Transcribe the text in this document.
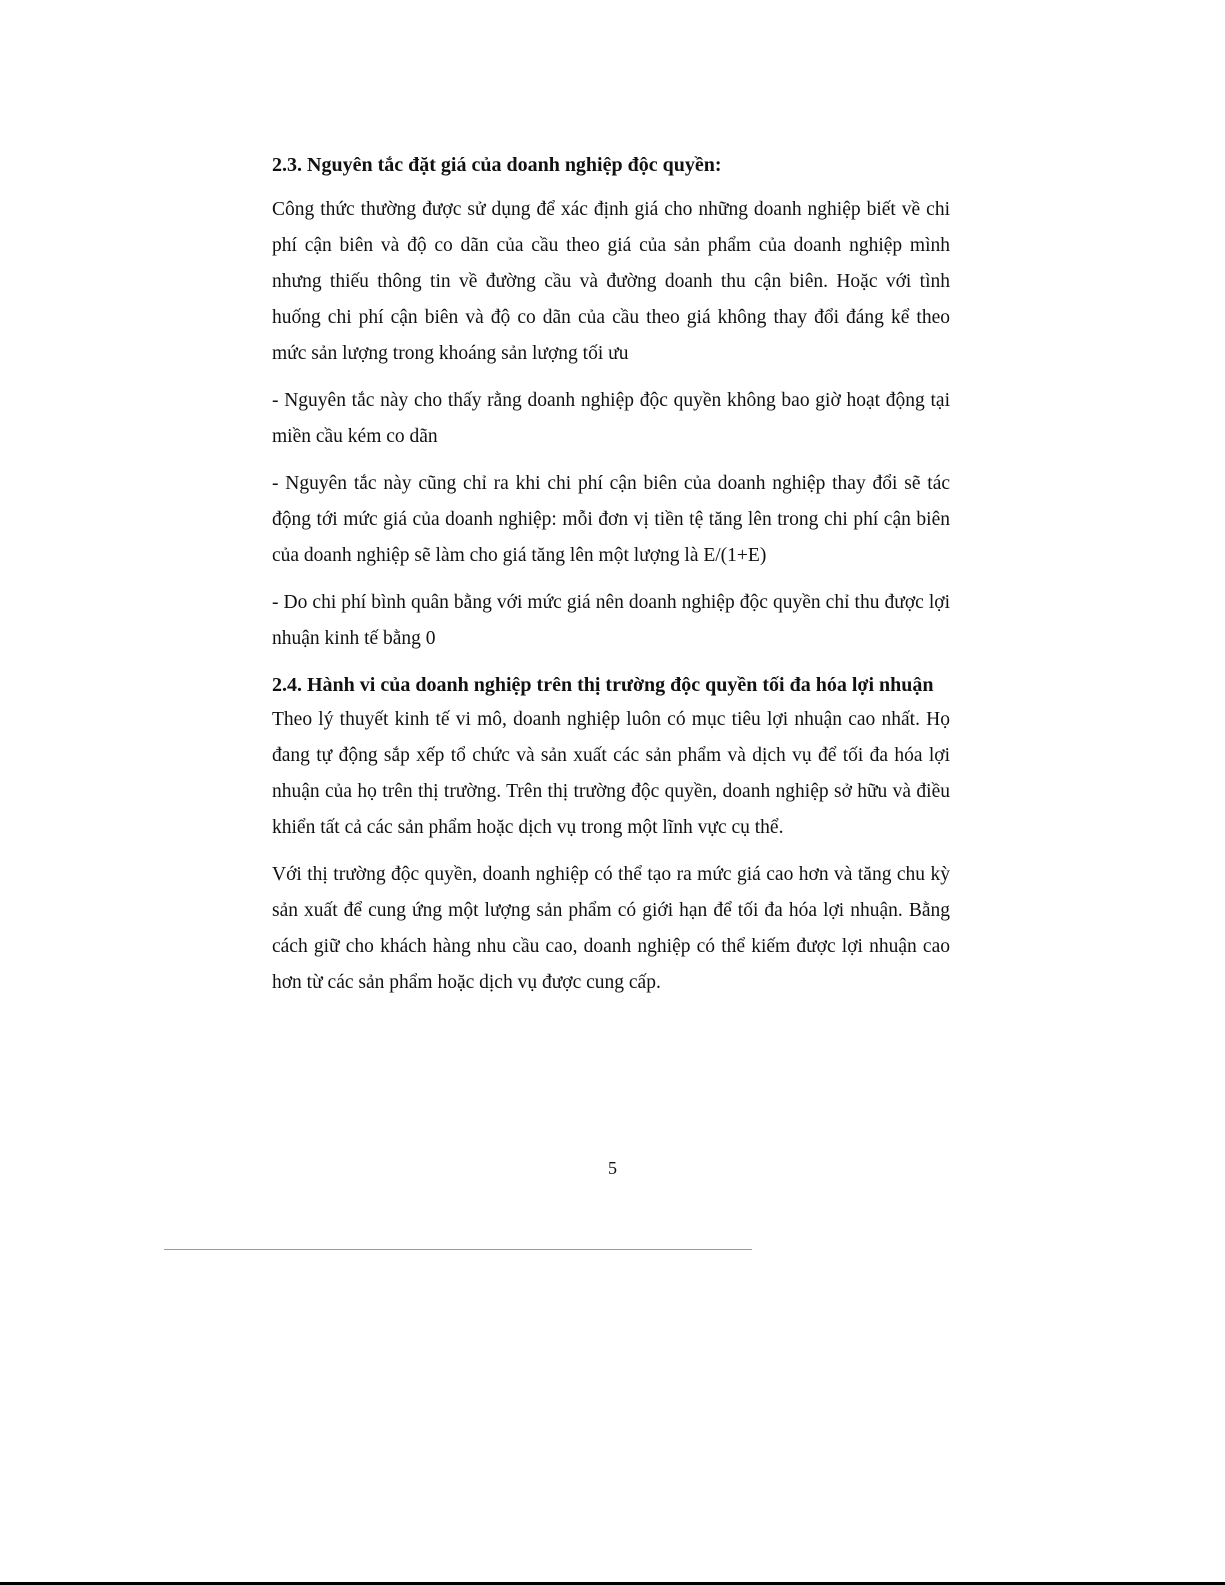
2.3. Nguyên tắc đặt giá của doanh nghiệp độc quyền:

Công thức thường được sử dụng để xác định giá cho những doanh nghiệp biết về chi phí cận biên và độ co dãn của cầu theo giá của sản phẩm của doanh nghiệp mình nhưng thiếu thông tin về đường cầu và đường doanh thu cận biên. Hoặc với tình huống chi phí cận biên và độ co dãn của cầu theo giá không thay đổi đáng kể theo mức sản lượng trong khoáng sản lượng tối ưu

- Nguyên tắc này cho thấy rằng doanh nghiệp độc quyền không bao giờ hoạt động tại miền cầu kém co dãn

- Nguyên tắc này cũng chỉ ra khi chi phí cận biên của doanh nghiệp thay đổi sẽ tác động tới mức giá của doanh nghiệp: mỗi đơn vị tiền tệ tăng lên trong chi phí cận biên của doanh nghiệp sẽ làm cho giá tăng lên một lượng là E/(1+E)

- Do chi phí bình quân bằng với mức giá nên doanh nghiệp độc quyền chỉ thu được lợi nhuận kinh tế bằng 0

2.4. Hành vi của doanh nghiệp trên thị trường độc quyền tối đa hóa lợi nhuận

Theo lý thuyết kinh tế vi mô, doanh nghiệp luôn có mục tiêu lợi nhuận cao nhất. Họ đang tự động sắp xếp tổ chức và sản xuất các sản phẩm và dịch vụ để tối đa hóa lợi nhuận của họ trên thị trường. Trên thị trường độc quyền, doanh nghiệp sở hữu và điều khiển tất cả các sản phẩm hoặc dịch vụ trong một lĩnh vực cụ thể.

Với thị trường độc quyền, doanh nghiệp có thể tạo ra mức giá cao hơn và tăng chu kỳ sản xuất để cung ứng một lượng sản phẩm có giới hạn để tối đa hóa lợi nhuận. Bằng cách giữ cho khách hàng nhu cầu cao, doanh nghiệp có thể kiếm được lợi nhuận cao hơn từ các sản phẩm hoặc dịch vụ được cung cấp.

5
